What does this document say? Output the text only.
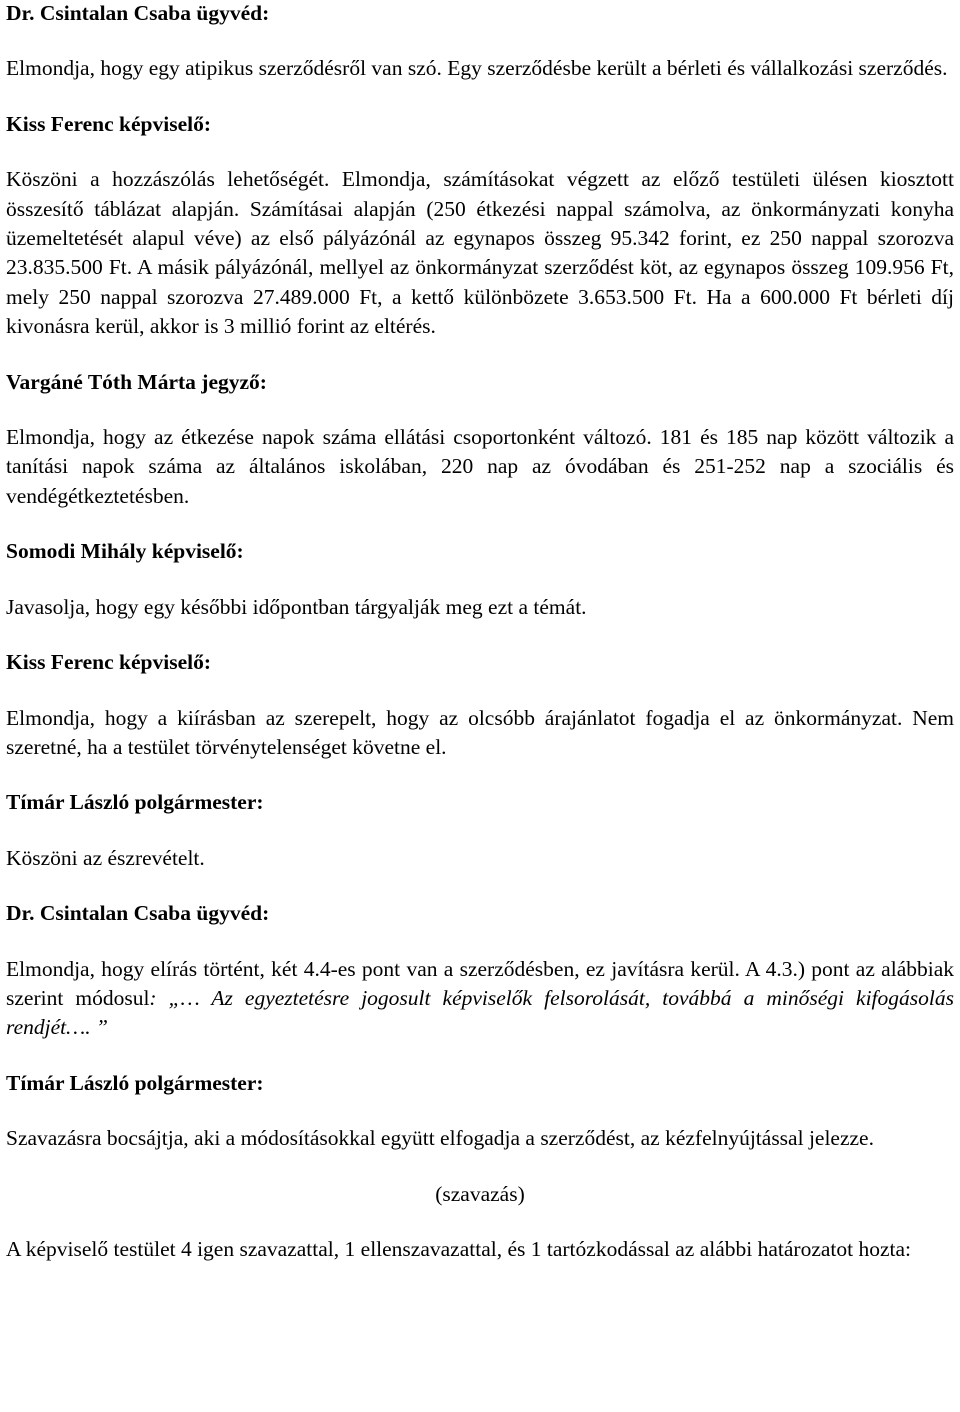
Dr. Csintalan Csaba ügyvéd:

Elmondja, hogy egy atipikus szerződésről van szó. Egy szerződésbe került a bérleti és vállalkozási szerződés.

Kiss Ferenc képviselő:

Köszöni a hozzászólás lehetőségét. Elmondja, számításokat végzett az előző testületi ülésen kiosztott összesítő táblázat alapján. Számításai alapján (250 étkezési nappal számolva, az önkormányzati konyha üzemeltetését alapul véve) az első pályázónál az egynapos összeg 95.342 forint, ez 250 nappal szorozva 23.835.500 Ft. A másik pályázónál, mellyel az önkormányzat szerződést köt, az egynapos összeg 109.956 Ft, mely 250 nappal szorozva 27.489.000 Ft, a kettő különbözete 3.653.500 Ft. Ha a 600.000 Ft bérleti díj kivonásra kerül, akkor is 3 millió forint az eltérés.

Vargáné Tóth Márta jegyző:

Elmondja, hogy az étkezése napok száma ellátási csoportonként változó. 181 és 185 nap között változik a tanítási napok száma az általános iskolában, 220 nap az óvodában és 251-252 nap a szociális és vendégétkeztetésben.

Somodi Mihály képviselő:

Javasolja, hogy egy későbbi időpontban tárgyalják meg ezt a témát.

Kiss Ferenc képviselő:

Elmondja, hogy a kiírásban az szerepelt, hogy az olcsóbb árajánlatot fogadja el az önkormányzat. Nem szeretné, ha a testület törvénytelenséget követne el.

Tímár László polgármester:

Köszöni az észrevételt.

Dr. Csintalan Csaba ügyvéd:

Elmondja, hogy elírás történt, két 4.4-es pont van a szerződésben, ez javításra kerül. A 4.3.) pont az alábbiak szerint módosul: „… Az egyeztetésre jogosult képviselők felsorolását, továbbá a minőségi kifogásolás rendjét…. ”

Tímár László polgármester:

Szavazásra bocsájtja, aki a módosításokkal együtt elfogadja a szerződést, az kézfelnyújtással jelezze.

(szavazás)

A képviselő testület 4 igen szavazattal, 1 ellenszavazattal, és 1 tartózkodással az alábbi határozatot hozta:
